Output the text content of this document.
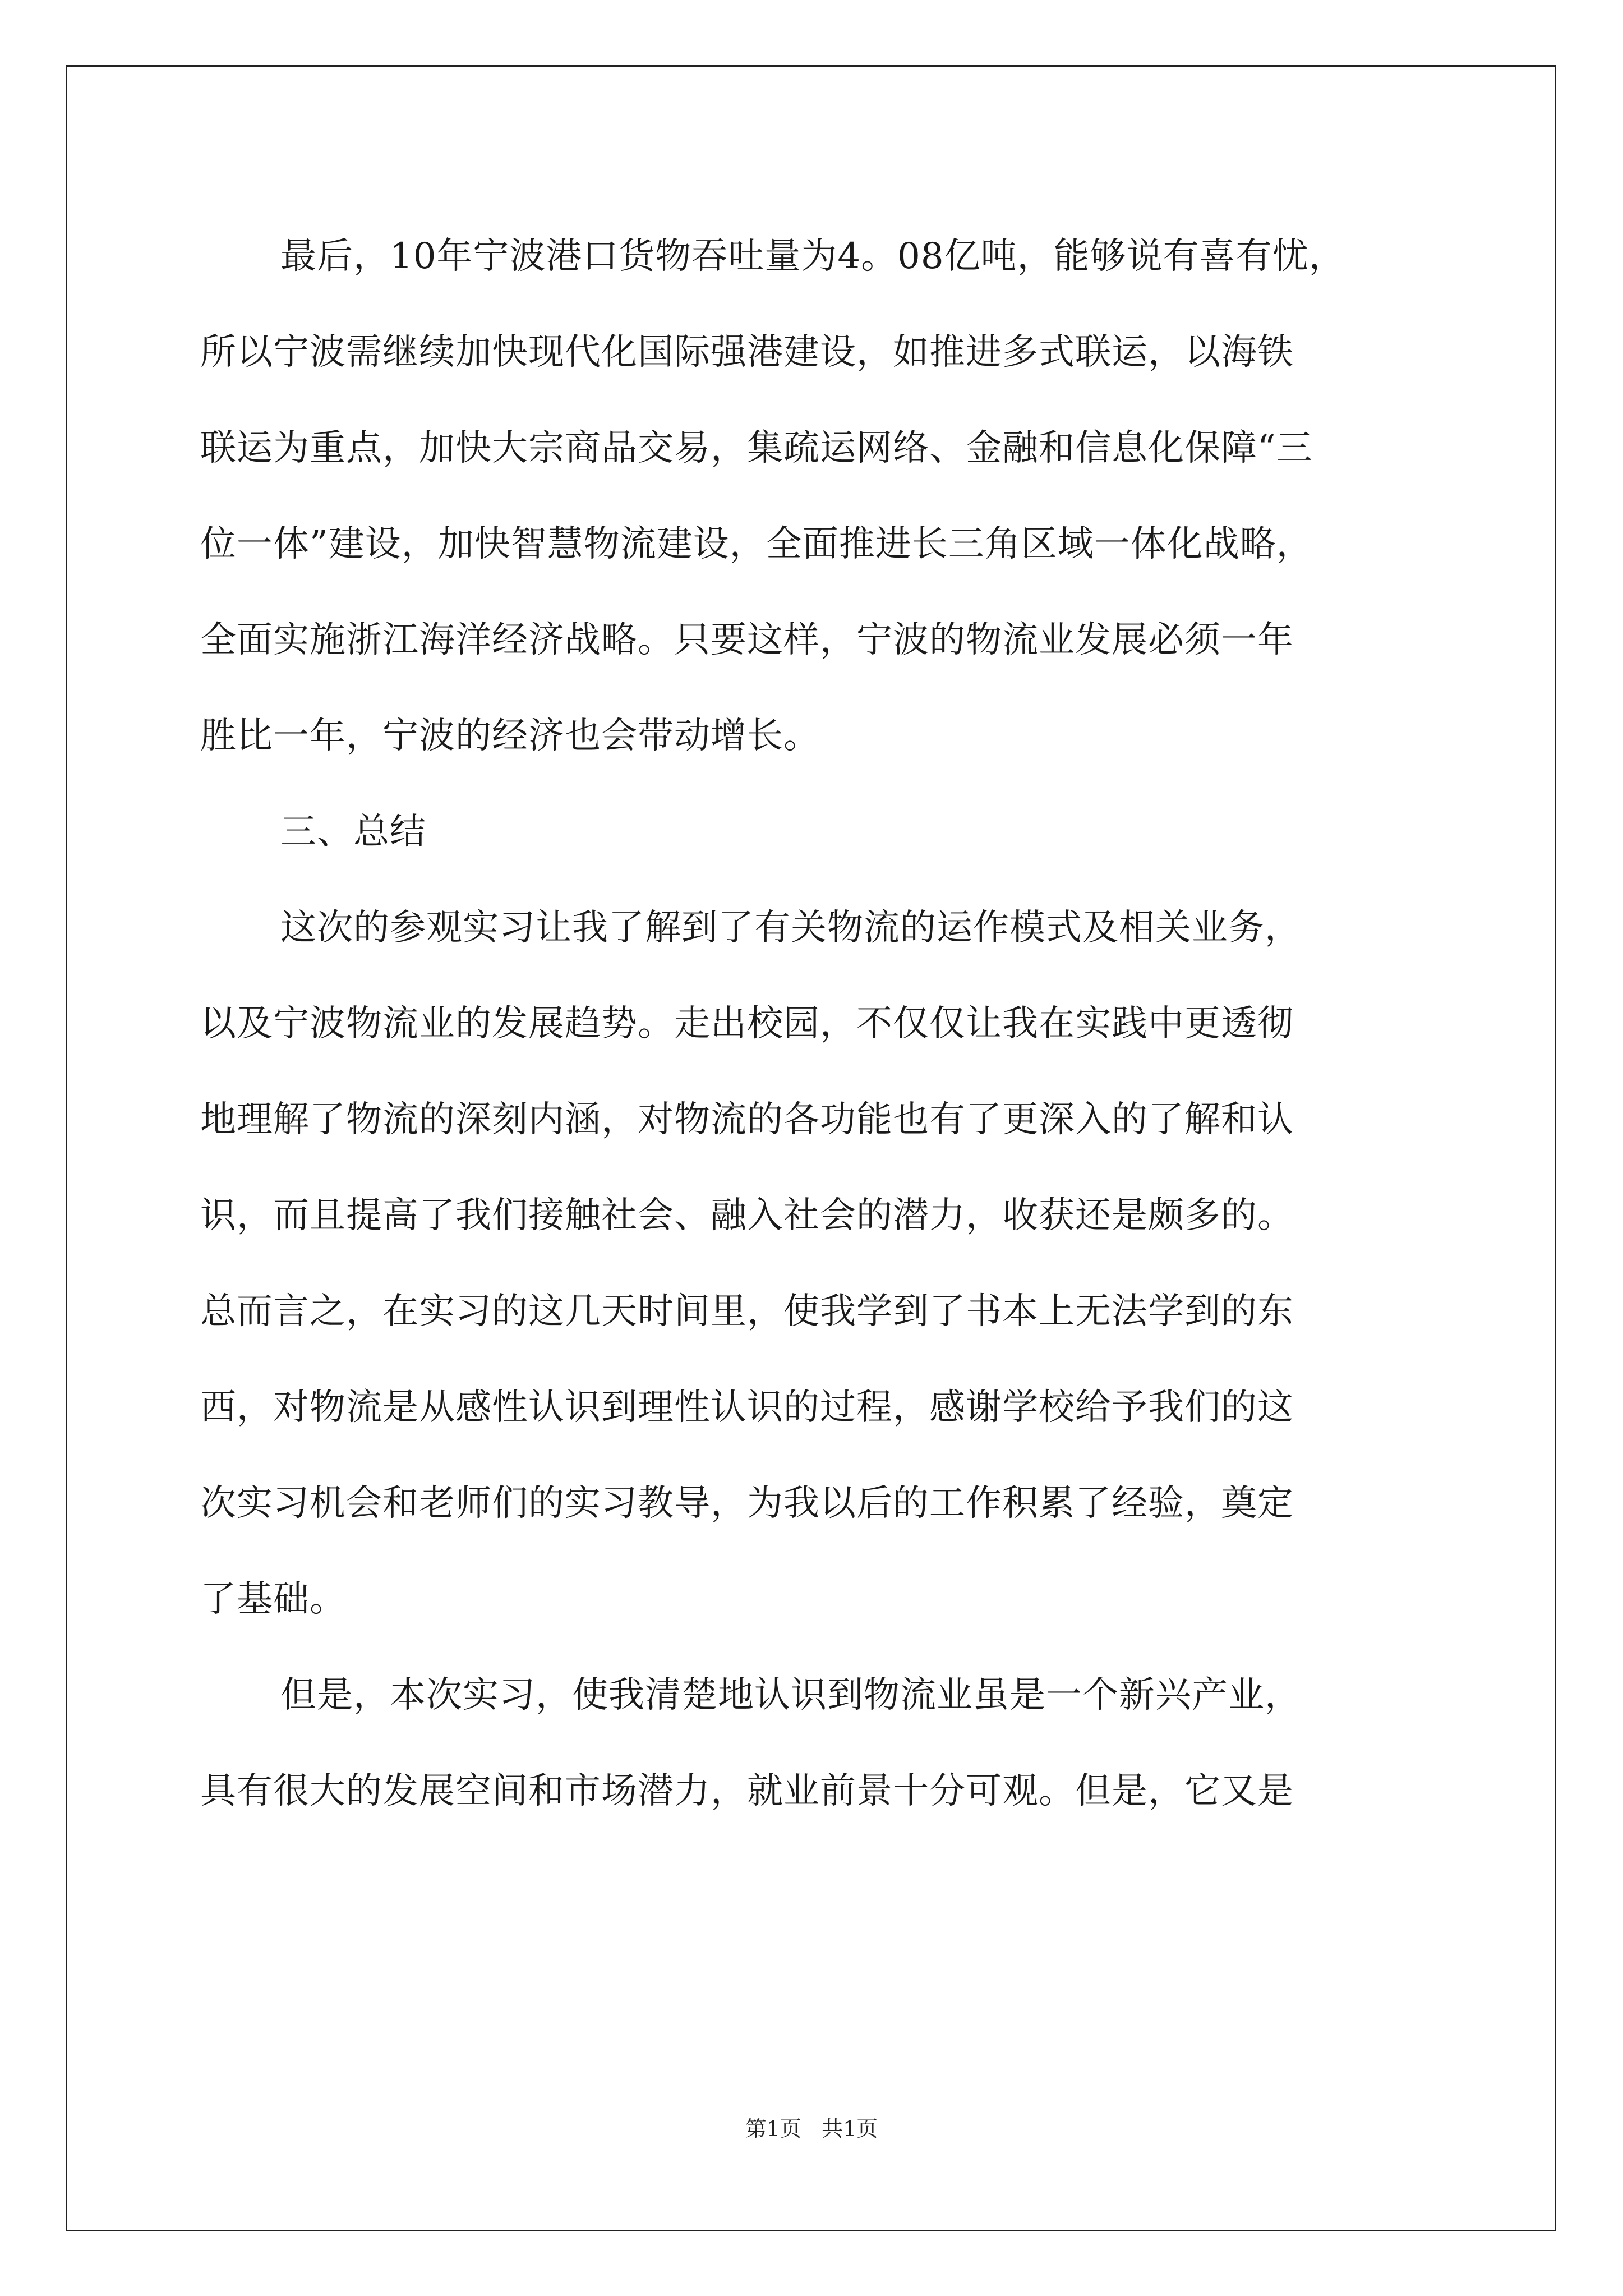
最后，10年宁波港口货物吞吐量为4。08亿吨，能够说有喜有忧，
所以宁波需继续加快现代化国际强港建设，如推进多式联运，以海铁
联运为重点，加快大宗商品交易，集疏运网络、金融和信息化保障“三
位一体”建设，加快智慧物流建设，全面推进长三角区域一体化战略，
全面实施浙江海洋经济战略。只要这样，宁波的物流业发展必须一年
胜比一年，宁波的经济也会带动增长。
三、总结
这次的参观实习让我了解到了有关物流的运作模式及相关业务，
以及宁波物流业的发展趋势。走出校园，不仅仅让我在实践中更透彻
地理解了物流的深刻内涵，对物流的各功能也有了更深入的了解和认
识，而且提高了我们接触社会、融入社会的潜力，收获还是颇多的。
总而言之，在实习的这几天时间里，使我学到了书本上无法学到的东
西，对物流是从感性认识到理性认识的过程，感谢学校给予我们的这
次实习机会和老师们的实习教导，为我以后的工作积累了经验，奠定
了基础。
但是，本次实习，使我清楚地认识到物流业虽是一个新兴产业，
具有很大的发展空间和市场潜力，就业前景十分可观。但是，它又是
第1页   共1页
